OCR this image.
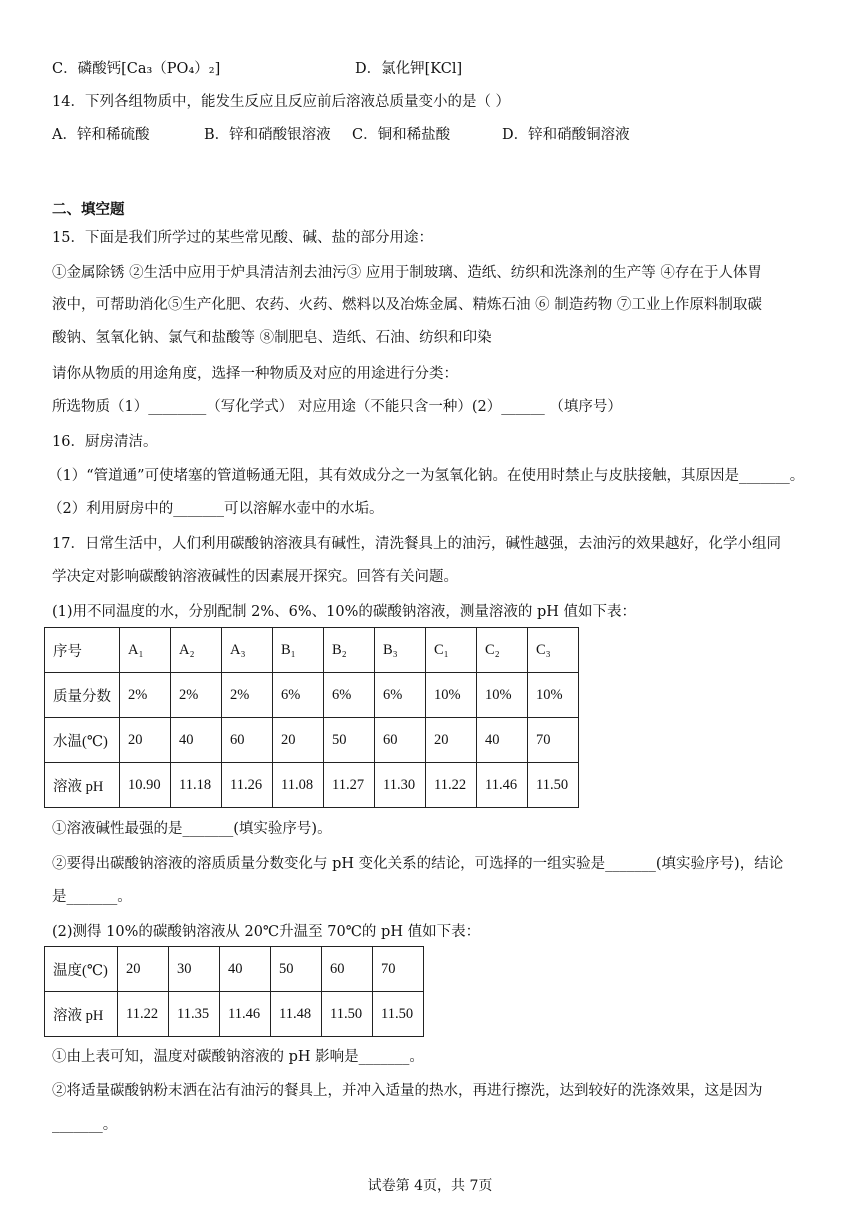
C．磷酸钙[Ca₃（PO₄）₂]	D．氯化钾[KCl]
14．下列各组物质中，能发生反应且反应前后溶液总质量变小的是（ ）
A．锌和稀硫酸	B．锌和硝酸银溶液 C．铜和稀盐酸	D．锌和硝酸铜溶液
二、填空题
15．下面是我们所学过的某些常见酸、碱、盐的部分用途：
①金属除锈 ②生活中应用于炉具清洁剂去油污③ 应用于制玻璃、造纸、纺织和洗涤剂的生产等 ④存在于人体胃
液中，可帮助消化⑤生产化肥、农药、火药、燃料以及冶炼金属、精炼石油 ⑥ 制造药物 ⑦工业上作原料制取碳
酸钠、氢氧化钠、氯气和盐酸等 ⑧制肥皂、造纸、石油、纺织和印染
请你从物质的用途角度，选择一种物质及对应的用途进行分类：
所选物质（1）________（写化学式） 对应用途（不能只含一种）(2）______ （填序号）
16．厨房清洁。
（1）“管道通”可使堵塞的管道畅通无阻，其有效成分之一为氢氧化钠。在使用时禁止与皮肤接触，其原因是_______。
（2）利用厨房中的_______可以溶解水壶中的水垢。
17．日常生活中，人们利用碳酸钠溶液具有碱性，清洗餐具上的油污，碱性越强，去油污的效果越好，化学小组同
学决定对影响碳酸钠溶液碱性的因素展开探究。回答有关问题。
(1)用不同温度的水，分别配制 2%、6%、10%的碳酸钠溶液，测量溶液的 pH 值如下表：
序号	A₁	A₂	A₃	B₁	B₂	B₃	C₁	C₂	C₃
质量分数	2%	2%	2%	6%	6%	6%	10%	10%	10%
水温(℃)	20	40	60	20	50	60	20	40	70
溶液 pH	10.90	11.18	11.26	11.08	11.27	11.30	11.22	11.46	11.50
①溶液碱性最强的是_______(填实验序号)。
②要得出碳酸钠溶液的溶质质量分数变化与 pH 变化关系的结论，可选择的一组实验是_______(填实验序号)，结论
是_______。
(2)测得 10%的碳酸钠溶液从 20℃升温至 70℃的 pH 值如下表：
温度(℃)	20	30	40	50	60	70
溶液 pH	11.22	11.35	11.46	11.48	11.50	11.50
①由上表可知，温度对碳酸钠溶液的 pH 影响是_______。
②将适量碳酸钠粉末洒在沾有油污的餐具上，并冲入适量的热水，再进行擦洗，达到较好的洗涤效果，这是因为
_______。
试卷第 4页，共 7页
